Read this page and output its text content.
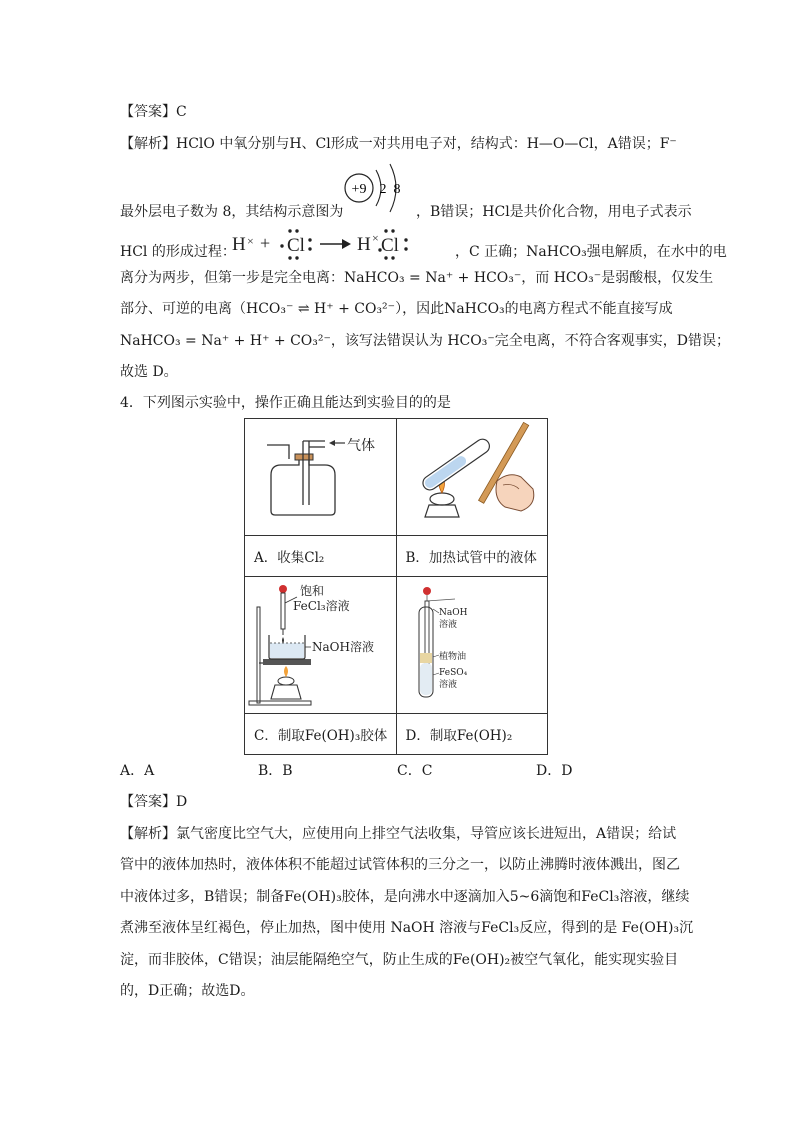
【答案】C
【解析】HClO 中氧分别与H、Cl形成一对共用电子对，结构式：H—O—Cl，A错误；F⁻
最外层电子数为 8，其结构示意图为
+9 2 8
，B错误；HCl是共价化合物，用电子式表示
HCl 的形成过程：
H × + Cl	H × Cl	，C 正确；NaHCO₃强电解质，在水中的电
离分为两步，但第一步是完全电离：NaHCO₃ = Na⁺ + HCO₃⁻，而 HCO₃⁻是弱酸根，仅发生
部分、可逆的电离（HCO₃⁻ ⇌ H⁺ + CO₃²⁻），因此NaHCO₃的电离方程式不能直接写成
NaHCO₃ = Na⁺ + H⁺ + CO₃²⁻，该写法错误认为 HCO₃⁻完全电离，不符合客观事实，D错误；
故选 D。
4．下列图示实验中，操作正确且能达到实验目的的是
气体

A．收集Cl₂	B．加热试管中的液体

饱和
FeCl₃溶液
NaOH溶液	NaOH
溶液
植物油
FeSO₄
溶液

C．制取Fe(OH)₃胶体	D．制取Fe(OH)₂
A．A	B．B	C．C	D．D
【答案】D
【解析】氯气密度比空气大，应使用向上排空气法收集，导管应该长进短出，A错误；给试
管中的液体加热时，液体体积不能超过试管体积的三分之一，以防止沸腾时液体溅出，图乙
中液体过多，B错误；制备Fe(OH)₃胶体，是向沸水中逐滴加入5~6滴饱和FeCl₃溶液，继续
煮沸至液体呈红褐色，停止加热，图中使用 NaOH 溶液与FeCl₃反应，得到的是 Fe(OH)₃沉
淀，而非胶体，C错误；油层能隔绝空气，防止生成的Fe(OH)₂被空气氧化，能实现实验目
的，D正确；故选D。
